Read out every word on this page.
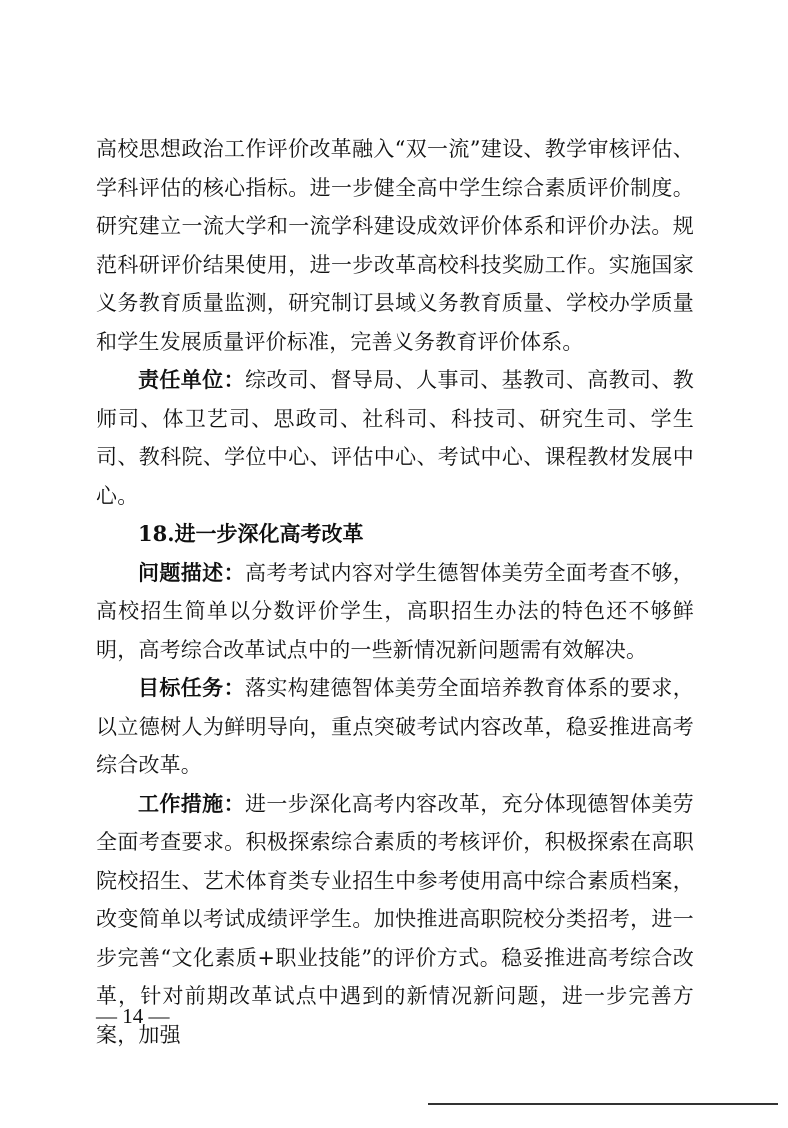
高校思想政治工作评价改革融入“双一流”建设、教学审核评估、学科评估的核心指标。进一步健全高中学生综合素质评价制度。研究建立一流大学和一流学科建设成效评价体系和评价办法。规范科研评价结果使用，进一步改革高校科技奖励工作。实施国家义务教育质量监测，研究制订县域义务教育质量、学校办学质量和学生发展质量评价标准，完善义务教育评价体系。

责任单位：综改司、督导局、人事司、基教司、高教司、教师司、体卫艺司、思政司、社科司、科技司、研究生司、学生司、教科院、学位中心、评估中心、考试中心、课程教材发展中心。

18.进一步深化高考改革

问题描述：高考考试内容对学生德智体美劳全面考查不够，高校招生简单以分数评价学生，高职招生办法的特色还不够鲜明，高考综合改革试点中的一些新情况新问题需有效解决。

目标任务：落实构建德智体美劳全面培养教育体系的要求，以立德树人为鲜明导向，重点突破考试内容改革，稳妥推进高考综合改革。

工作措施：进一步深化高考内容改革，充分体现德智体美劳全面考查要求。积极探索综合素质的考核评价，积极探索在高职院校招生、艺术体育类专业招生中参考使用高中综合素质档案，改变简单以考试成绩评学生。加快推进高职院校分类招考，进一步完善“文化素质+职业技能”的评价方式。稳妥推进高考综合改革，针对前期改革试点中遇到的新情况新问题，进一步完善方案，加强

— 14 —
